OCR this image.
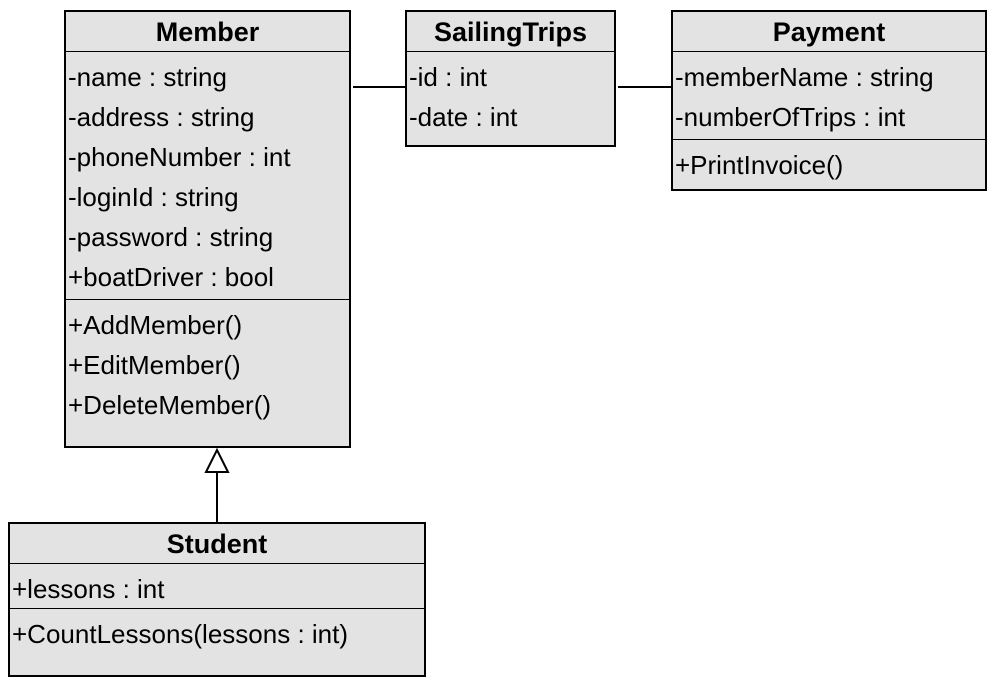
Member
-name : string
-address : string
-phoneNumber : int
-loginId : string
-password : string
+boatDriver : bool
+AddMember()
+EditMember()
+DeleteMember()
SailingTrips
-id : int
-date : int
Payment
-memberName : string
-numberOfTrips : int
+PrintInvoice()
Student
+lessons : int
+CountLessons(lessons : int)
